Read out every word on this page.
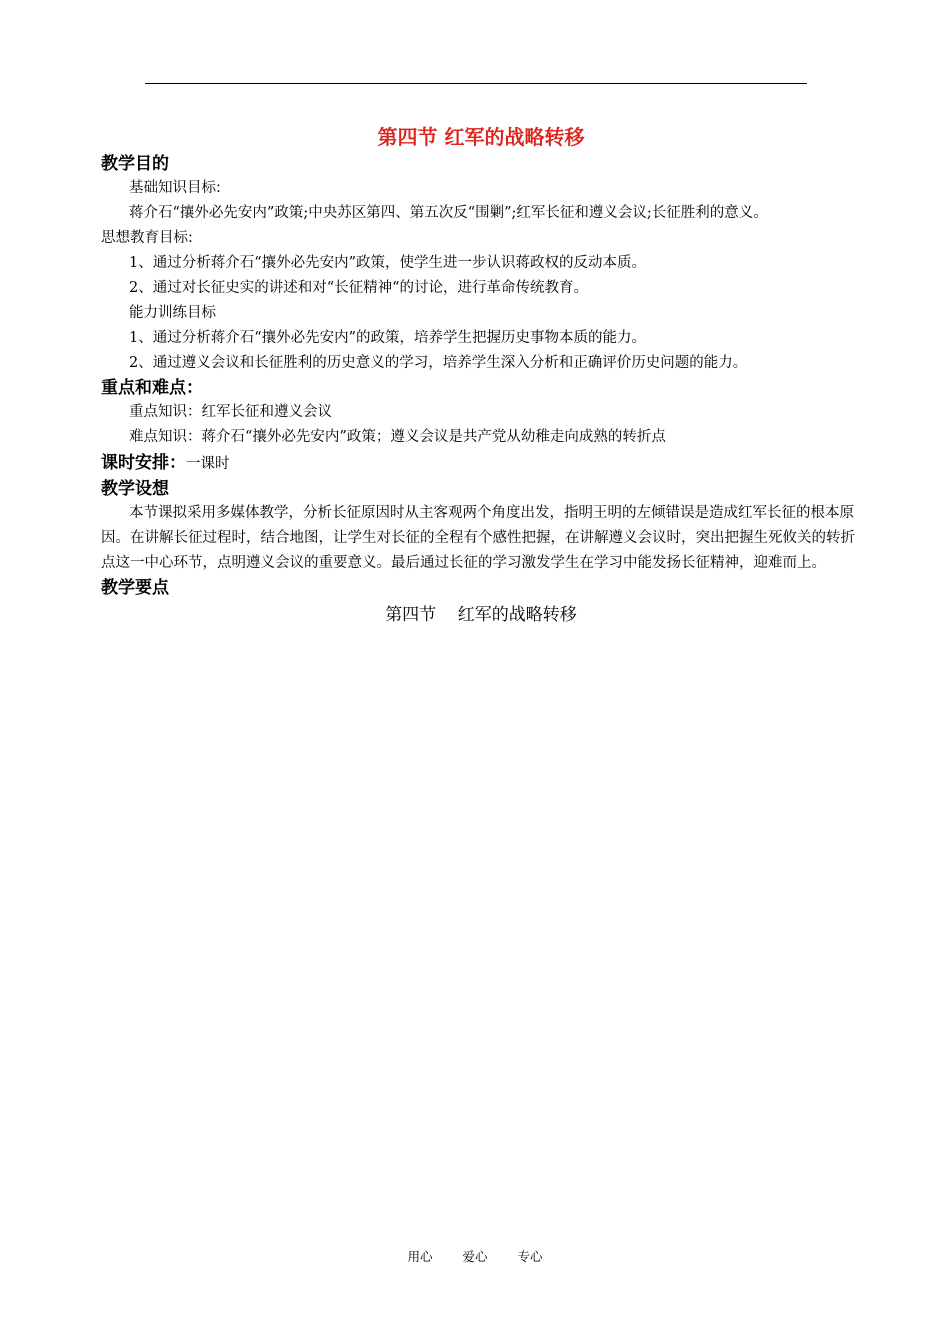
第四节 红军的战略转移

教学目的

基础知识目标:

蒋介石“攘外必先安内”政策;中央苏区第四、第五次反“围剿”;红军长征和遵义会议;长征胜利的意义。

思想教育目标:

1、通过分析蒋介石“攘外必先安内”政策，使学生进一步认识蒋政权的反动本质。

2、通过对长征史实的讲述和对“长征精神“的讨论，进行革命传统教育。

能力训练目标

1、通过分析蒋介石“攘外必先安内”的政策，培养学生把握历史事物本质的能力。

2、通过遵义会议和长征胜利的历史意义的学习，培养学生深入分析和正确评价历史问题的能力。

重点和难点：

重点知识：红军长征和遵义会议

难点知识：蒋介石“攘外必先安内”政策；遵义会议是共产党从幼稚走向成熟的转折点

课时安排：一课时

教学设想

本节课拟采用多媒体教学，分析长征原因时从主客观两个角度出发，指明王明的左倾错误是造成红军长征的根本原因。在讲解长征过程时，结合地图，让学生对长征的全程有个感性把握，在讲解遵义会议时，突出把握生死攸关的转折点这一中心环节，点明遵义会议的重要意义。最后通过长征的学习激发学生在学习中能发扬长征精神，迎难而上。

教学要点

第四节    红军的战略转移

用心 爱心 专心
